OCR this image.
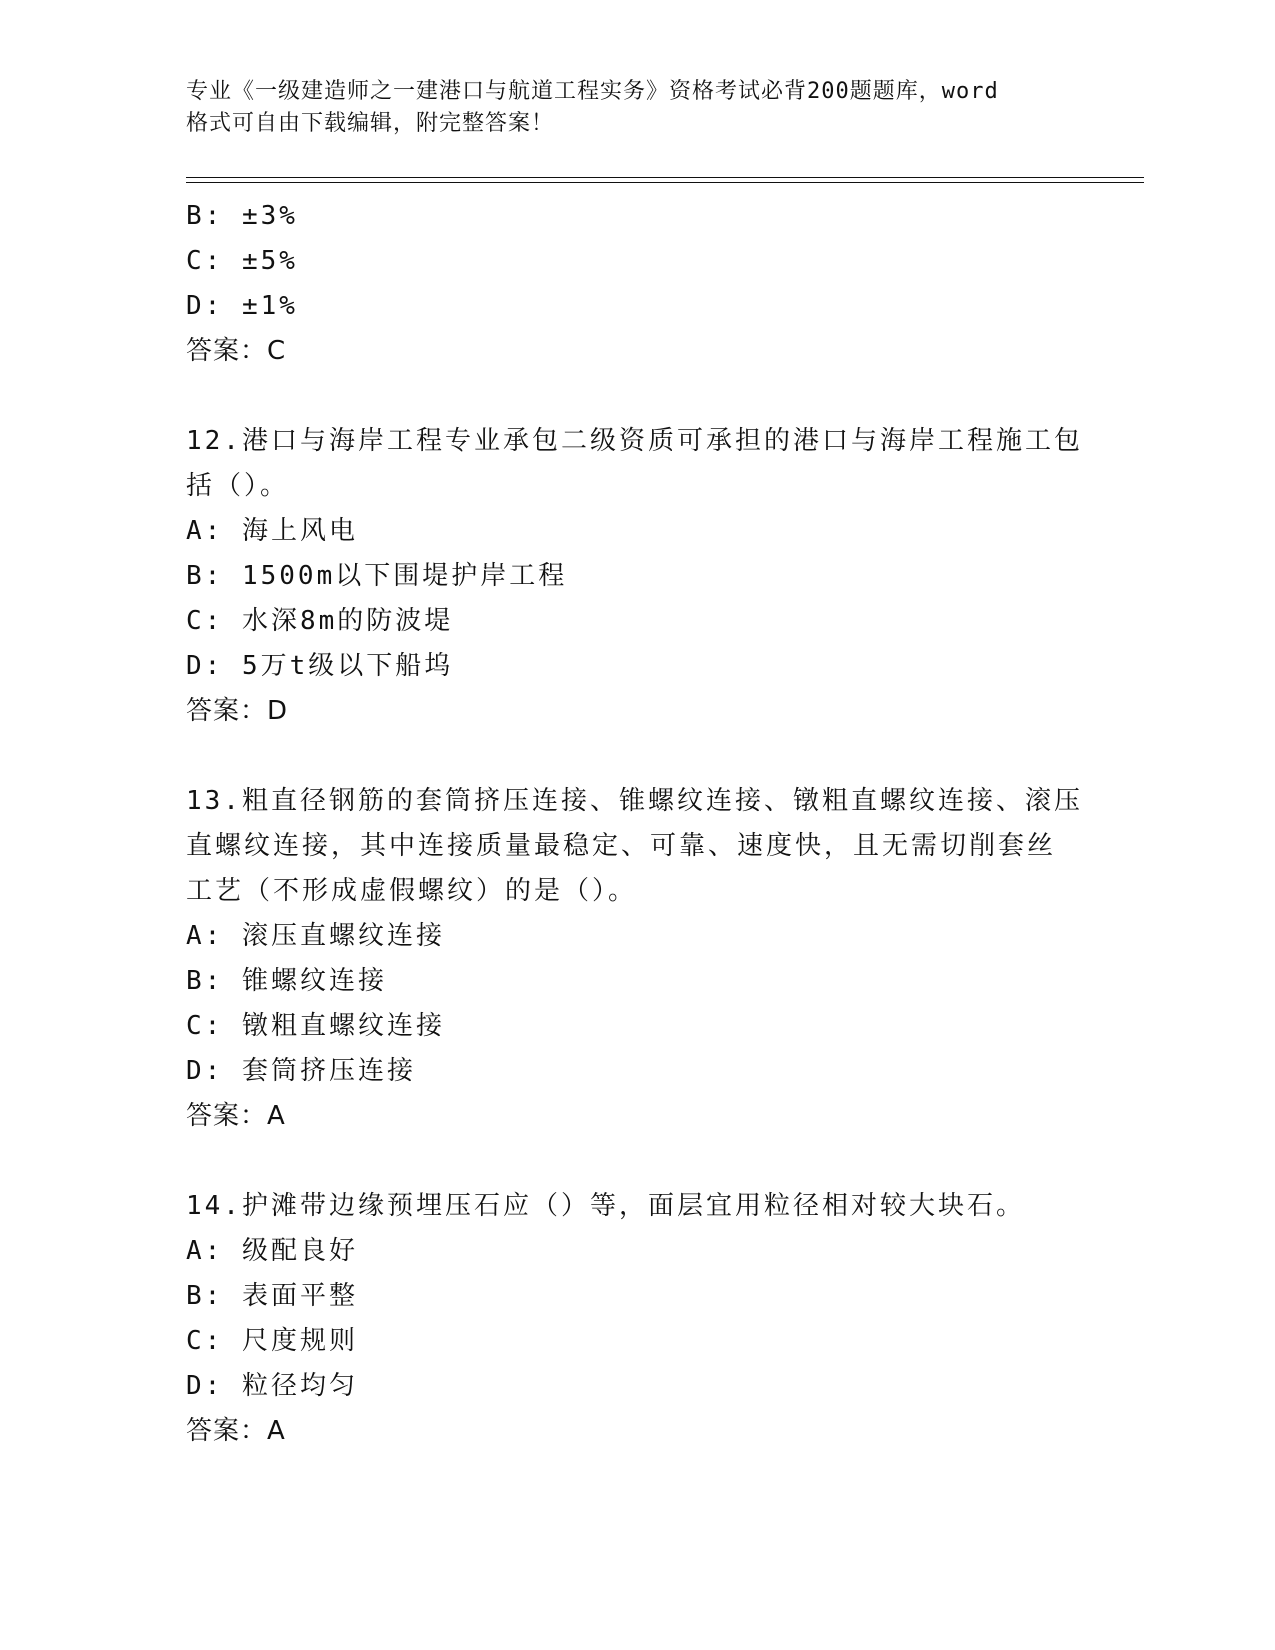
专业《一级建造师之一建港口与航道工程实务》资格考试必背200题题库，word
格式可自由下载编辑，附完整答案！
B: ±3%
C: ±5%
D: ±1%
答案：C
12.港口与海岸工程专业承包二级资质可承担的港口与海岸工程施工包
括（）。
A: 海上风电
B: 1500m以下围堤护岸工程
C: 水深8m的防波堤
D: 5万t级以下船坞
答案：D
13.粗直径钢筋的套筒挤压连接、锥螺纹连接、镦粗直螺纹连接、滚压
直螺纹连接，其中连接质量最稳定、可靠、速度快，且无需切削套丝
工艺（不形成虚假螺纹）的是（）。
A: 滚压直螺纹连接
B: 锥螺纹连接
C: 镦粗直螺纹连接
D: 套筒挤压连接
答案：A
14.护滩带边缘预埋压石应（）等，面层宜用粒径相对较大块石。
A: 级配良好
B: 表面平整
C: 尺度规则
D: 粒径均匀
答案：A
